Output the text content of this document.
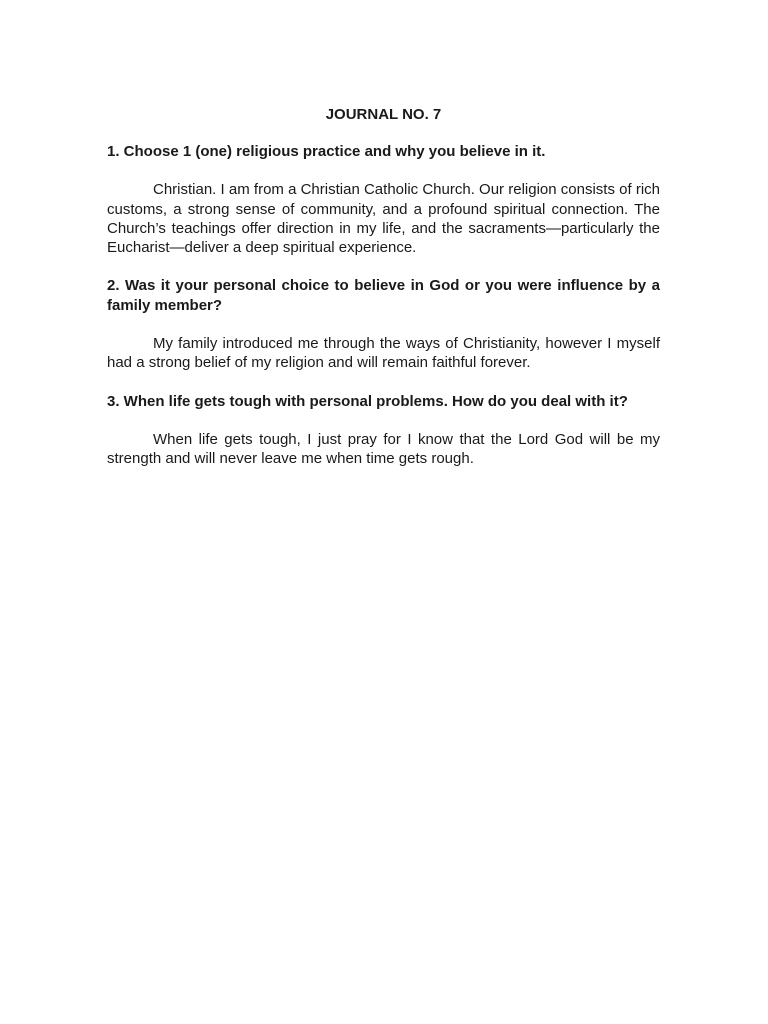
JOURNAL NO. 7

1. Choose 1 (one) religious practice and why you believe in it.

Christian. I am from a Christian Catholic Church. Our religion consists of rich customs, a strong sense of community, and a profound spiritual connection. The Church’s teachings offer direction in my life, and the sacraments—particularly the Eucharist—deliver a deep spiritual experience.

2. Was it your personal choice to believe in God or you were influence by a family member?

My family introduced me through the ways of Christianity, however I myself had a strong belief of my religion and will remain faithful forever.

3. When life gets tough with personal problems. How do you deal with it?

When life gets tough, I just pray for I know that the Lord God will be my strength and will never leave me when time gets rough.
